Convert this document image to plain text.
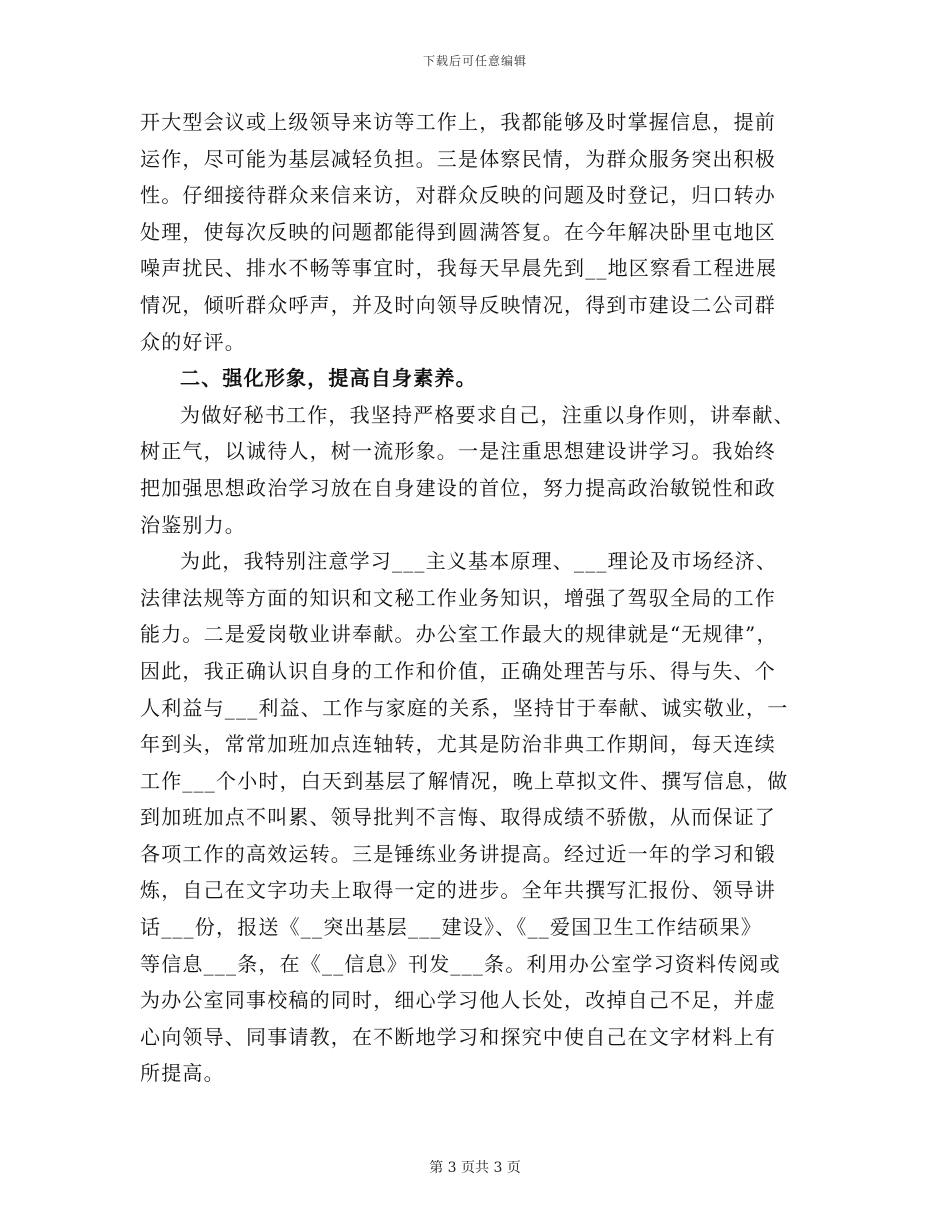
下载后可任意编辑
开大型会议或上级领导来访等工作上，我都能够及时掌握信息，提前
运作，尽可能为基层减轻负担。三是体察民情，为群众服务突出积极
性。仔细接待群众来信来访，对群众反映的问题及时登记，归口转办
处理，使每次反映的问题都能得到圆满答复。在今年解决卧里屯地区
噪声扰民、排水不畅等事宜时，我每天早晨先到__地区察看工程进展
情况，倾听群众呼声，并及时向领导反映情况，得到市建设二公司群
众的好评。
二、强化形象，提高自身素养。
为做好秘书工作，我坚持严格要求自己，注重以身作则，讲奉献、
树正气，以诚待人，树一流形象。一是注重思想建设讲学习。我始终
把加强思想政治学习放在自身建设的首位，努力提高政治敏锐性和政
治鉴别力。
为此，我特别注意学习___主义基本原理、___理论及市场经济、
法律法规等方面的知识和文秘工作业务知识，增强了驾驭全局的工作
能力。二是爱岗敬业讲奉献。办公室工作最大的规律就是“无规律”，
因此，我正确认识自身的工作和价值，正确处理苦与乐、得与失、个
人利益与___利益、工作与家庭的关系，坚持甘于奉献、诚实敬业，一
年到头，常常加班加点连轴转，尤其是防治非典工作期间，每天连续
工作___个小时，白天到基层了解情况，晚上草拟文件、撰写信息，做
到加班加点不叫累、领导批判不言悔、取得成绩不骄傲，从而保证了
各项工作的高效运转。三是锤练业务讲提高。经过近一年的学习和锻
炼，自己在文字功夫上取得一定的进步。全年共撰写汇报份、领导讲
话___份，报送《__突出基层___建设》、《__爱国卫生工作结硕果》
等信息___条，在《__信息》刊发___条。利用办公室学习资料传阅或
为办公室同事校稿的同时，细心学习他人长处，改掉自己不足，并虚
心向领导、同事请教，在不断地学习和探究中使自己在文字材料上有
所提高。
第 3 页共 3 页
